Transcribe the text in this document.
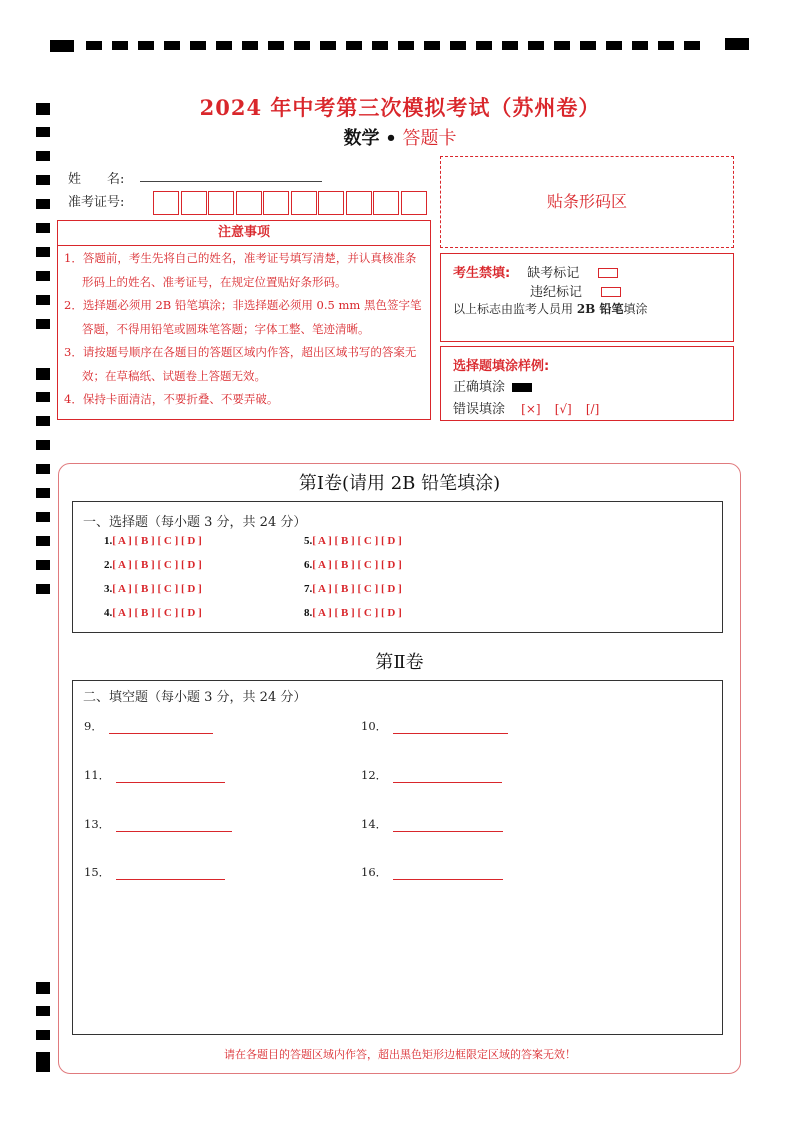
2024 年中考第三次模拟考试（苏州卷）
数学 • 答题卡
姓　　名:
准考证号:	贴条形码区
注意事项
1．答题前，考生先将自己的姓名，准考证号填写清楚，并认真核准条形码上的姓名、准考证号，在规定位置贴好条形码。
2．选择题必须用 2B 铅笔填涂；非选择题必须用 0.5 mm 黑色签字笔答题，不得用铅笔或圆珠笔答题；字体工整、笔迹清晰。
3．请按题号顺序在各题目的答题区域内作答，超出区域书写的答案无效；在草稿纸、试题卷上答题无效。
4．保持卡面清洁，不要折叠、不要弄破。
考生禁填: 缺考标记
违纪标记
以上标志由监考人员用 2B 铅笔填涂
选择题填涂样例:
正确填涂
错误填涂 [×] [√] [/]
第Ⅰ卷(请用 2B 铅笔填涂)
一、选择题（每小题 3 分，共 24 分）
1.[ A ] [ B ] [ C ] [ D ]
2.[ A ] [ B ] [ C ] [ D ]
3.[ A ] [ B ] [ C ] [ D ]
4.[ A ] [ B ] [ C ] [ D ]
5.[ A ] [ B ] [ C ] [ D ]
6.[ A ] [ B ] [ C ] [ D ]
7.[ A ] [ B ] [ C ] [ D ]
8.[ A ] [ B ] [ C ] [ D ]
第Ⅱ卷
二、填空题（每小题 3 分，共 24 分）
9．	10．
11．	12．
13．	14．
15．	16．
请在各题目的答题区域内作答，超出黑色矩形边框限定区域的答案无效！
